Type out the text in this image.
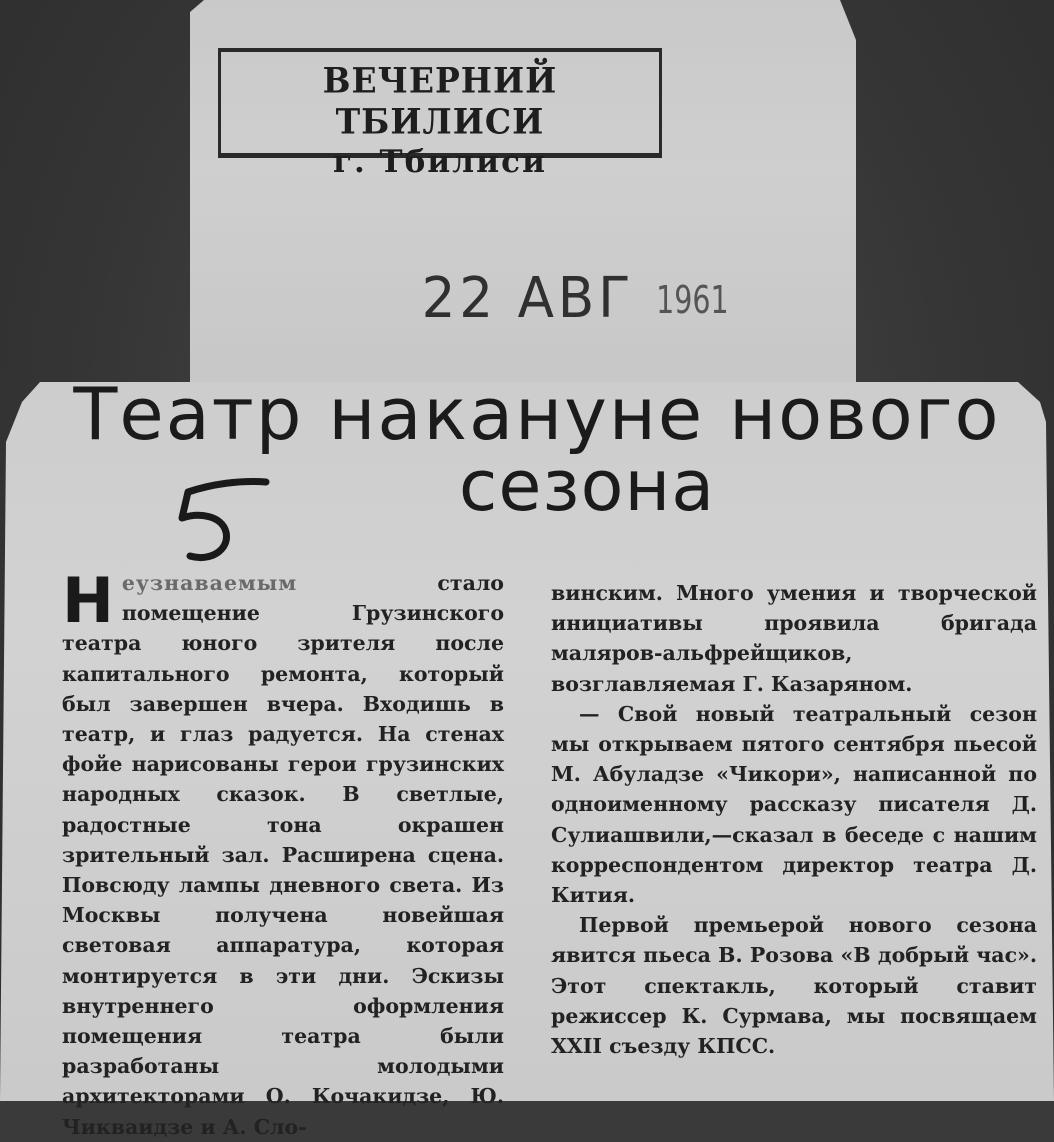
ВЕЧЕРНИЙ ТБИЛИСИ
г. Тбилиси
22 АВГ 1961
Театр накануне нового
сезона

Неузнаваемым	стало помещение Грузинского театра юного зрителя после капитального ремонта, который был завершен вчера. Входишь в театр, и глаз радуется. На стенах фойе нарисованы герои грузинских народных сказок. В светлые, радостные тона окрашен зрительный зал. Расширена сцена. Повсюду лампы дневного света. Из Москвы получена новейшая световая аппаратура, которая монтируется в эти дни. Эскизы внутреннего оформления помещения театра были разработаны молодыми архитекторами О. Кочакидзе, Ю. Чикваидзе и А. Сло-

винским. Много умения и творческой инициативы проявила бригада маляров-альфрейщиков, возглавляемая Г. Казаряном.

— Свой новый театральный сезон мы открываем пятого сентября пьесой М. Абуладзе «Чикори», написанной по одноименному рассказу писателя Д. Сулиашвили,—сказал в беседе с нашим корреспондентом директор театра Д. Кития.

Первой премьерой нового сезона явится пьеса В. Розова «В добрый час». Этот спектакль, который ставит режиссер К. Сурмава, мы посвящаем XXII съезду КПСС.
